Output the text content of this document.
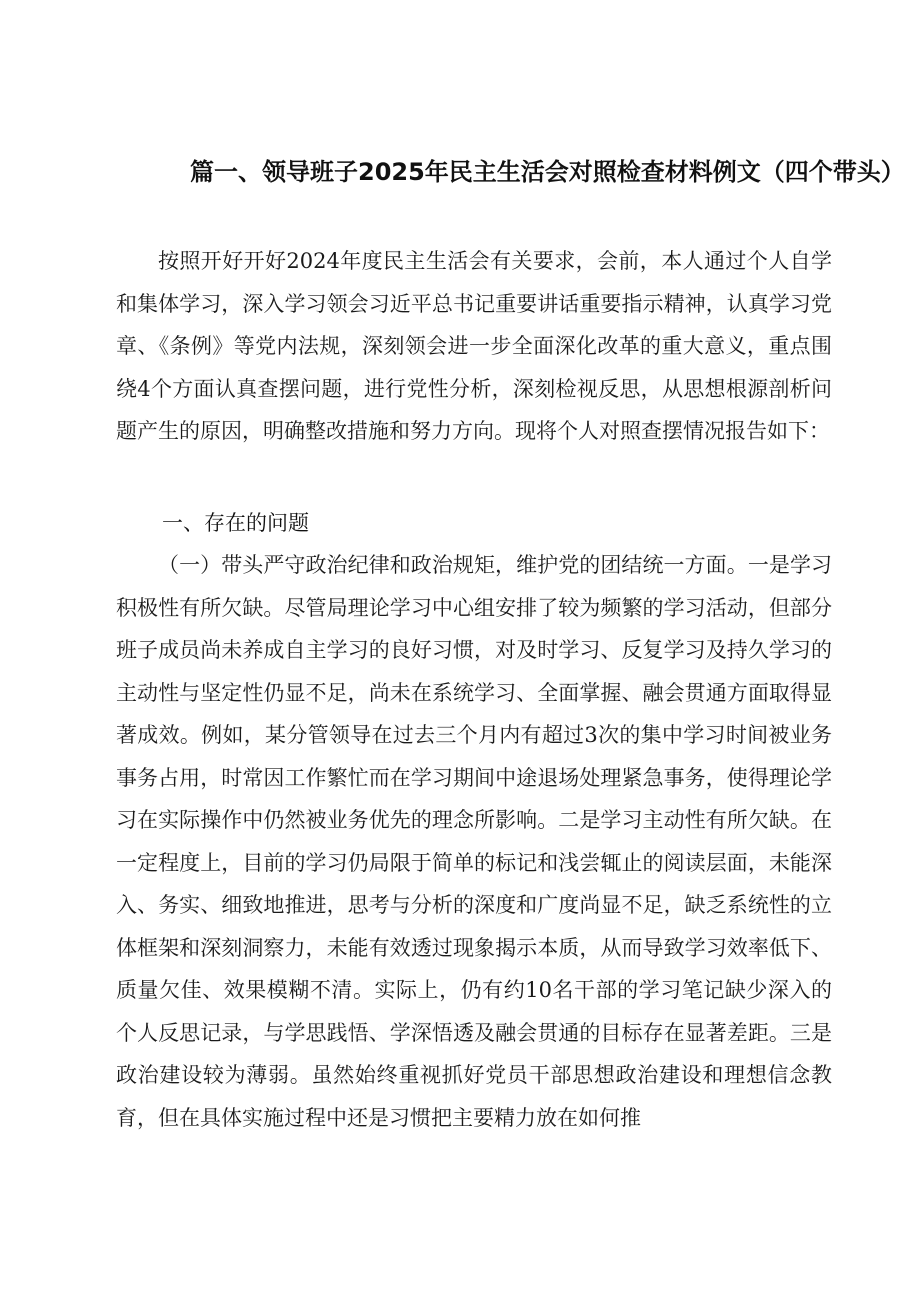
篇一、领导班子2025年民主生活会对照检查材料例文（四个带头）

按照开好开好2024年度民主生活会有关要求，会前，本人通过个人自学和集体学习，深入学习领会习近平总书记重要讲话重要指示精神，认真学习党章、《条例》等党内法规，深刻领会进一步全面深化改革的重大意义，重点围绕4个方面认真查摆问题，进行党性分析，深刻检视反思，从思想根源剖析问题产生的原因，明确整改措施和努力方向。现将个人对照查摆情况报告如下：

一、存在的问题

（一）带头严守政治纪律和政治规矩，维护党的团结统一方面。一是学习积极性有所欠缺。尽管局理论学习中心组安排了较为频繁的学习活动，但部分班子成员尚未养成自主学习的良好习惯，对及时学习、反复学习及持久学习的主动性与坚定性仍显不足，尚未在系统学习、全面掌握、融会贯通方面取得显著成效。例如，某分管领导在过去三个月内有超过3次的集中学习时间被业务事务占用，时常因工作繁忙而在学习期间中途退场处理紧急事务，使得理论学习在实际操作中仍然被业务优先的理念所影响。二是学习主动性有所欠缺。在一定程度上，目前的学习仍局限于简单的标记和浅尝辄止的阅读层面，未能深入、务实、细致地推进，思考与分析的深度和广度尚显不足，缺乏系统性的立体框架和深刻洞察力，未能有效透过现象揭示本质，从而导致学习效率低下、质量欠佳、效果模糊不清。实际上，仍有约10名干部的学习笔记缺少深入的个人反思记录，与学思践悟、学深悟透及融会贯通的目标存在显著差距。三是政治建设较为薄弱。虽然始终重视抓好党员干部思想政治建设和理想信念教育，但在具体实施过程中还是习惯把主要精力放在如何推
